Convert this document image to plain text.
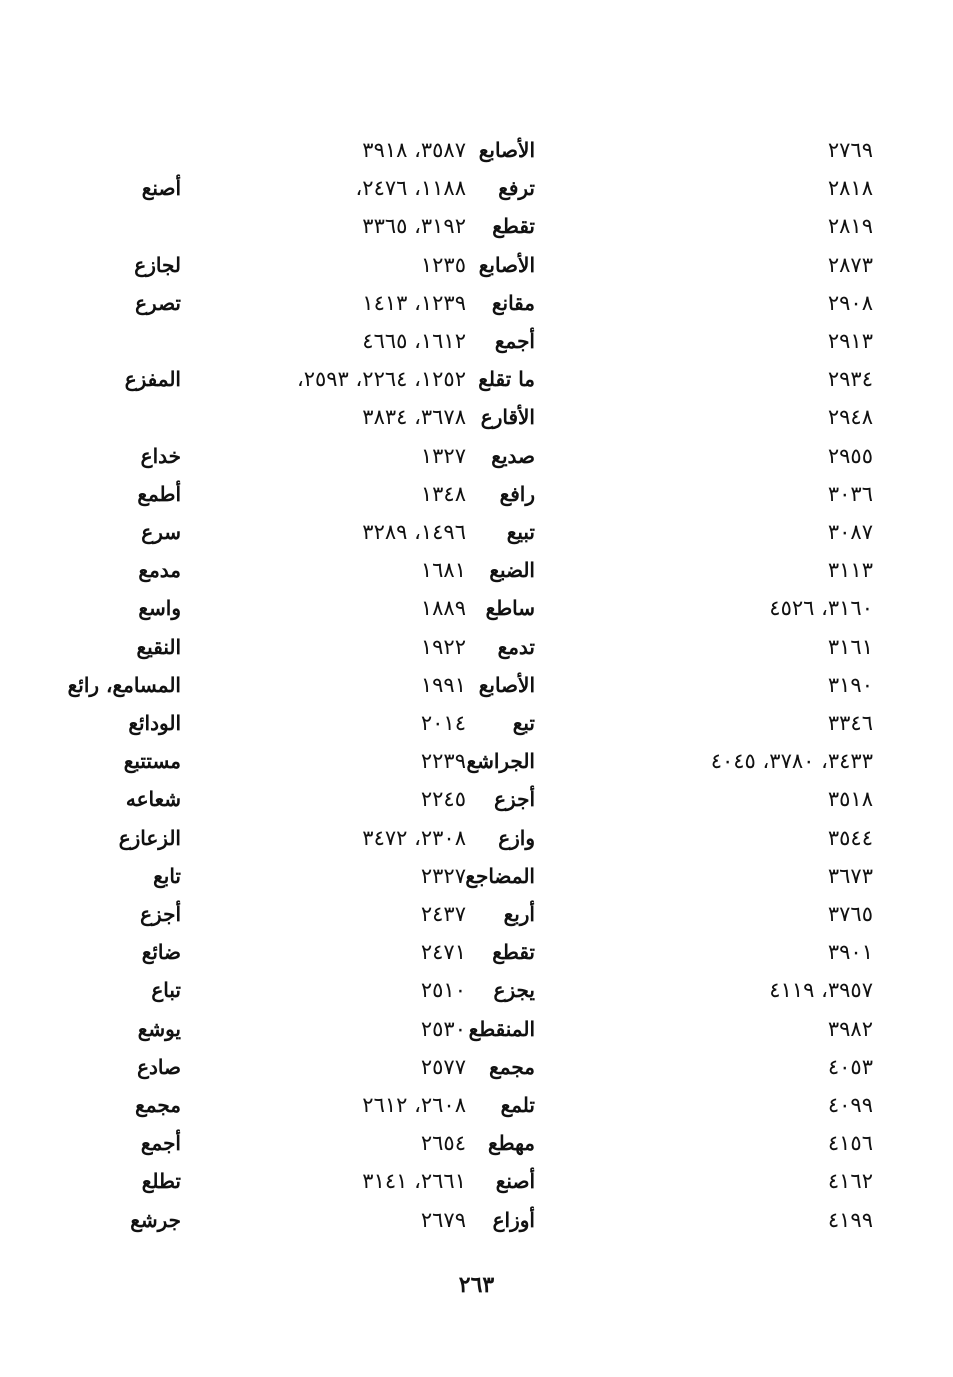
٣٥٨٧، ٣٩١٨ الأصابع	٢٧٦٩
أصنع	١١٨٨، ٢٤٧٦، ترفع	٢٨١٨
٣١٩٢، ٣٣٦٥ تقطع	٢٨١٩
لجازع	١٢٣٥ الأصابع	٢٨٧٣
تصرع	١٢٣٩، ١٤١٣ مقانع	٢٩٠٨
١٦١٢، ٤٦٦٥ أجمع	٢٩١٣
المفزع	١٢٥٢، ٢٢٦٤، ٢٥٩٣، ما تقلع	٢٩٣٤
٣٦٧٨، ٣٨٣٤ الأقارع	٢٩٤٨
خداع	١٣٢٧ صديع	٢٩٥٥
أطمع	١٣٤٨ رافع	٣٠٣٦
سرع	١٤٩٦، ٣٢٨٩ تبيع	٣٠٨٧
مدمع	١٦٨١ الضبع	٣١١٣
واسع	١٨٨٩ ساطع	٣١٦٠، ٤٥٢٦
النقيع	١٩٢٢ تدمع	٣١٦١
المسامع، رائع	١٩٩١ الأصابع	٣١٩٠
الودائع	٢٠١٤ تبع	٣٣٤٦
مستتبع	٢٢٣٩ الجراشع	٣٤٣٣، ٣٧٨٠، ٤٠٤٥
شعاعه	٢٢٤٥ أجزع	٣٥١٨
الزعازع	٢٣٠٨، ٣٤٧٢ وازع	٣٥٤٤
تابع	٢٣٢٧ المضاجع	٣٦٧٣
أجزع	٢٤٣٧ أربع	٣٧٦٥
ضائع	٢٤٧١ تقطع	٣٩٠١
تباع	٢٥١٠ يجزع	٣٩٥٧، ٤١١٩
يوشع	٢٥٣٠ المنقطع	٣٩٨٢
صادع	٢٥٧٧ مجمع	٤٠٥٣
مجمع	٢٦٠٨، ٢٦١٢ تلمع	٤٠٩٩
أجمع	٢٦٥٤ مهطع	٤١٥٦
تطلع	٢٦٦١، ٣١٤١ أصنع	٤١٦٢
جرشع	٢٦٧٩ أوزاع	٤١٩٩
٢٦٣
